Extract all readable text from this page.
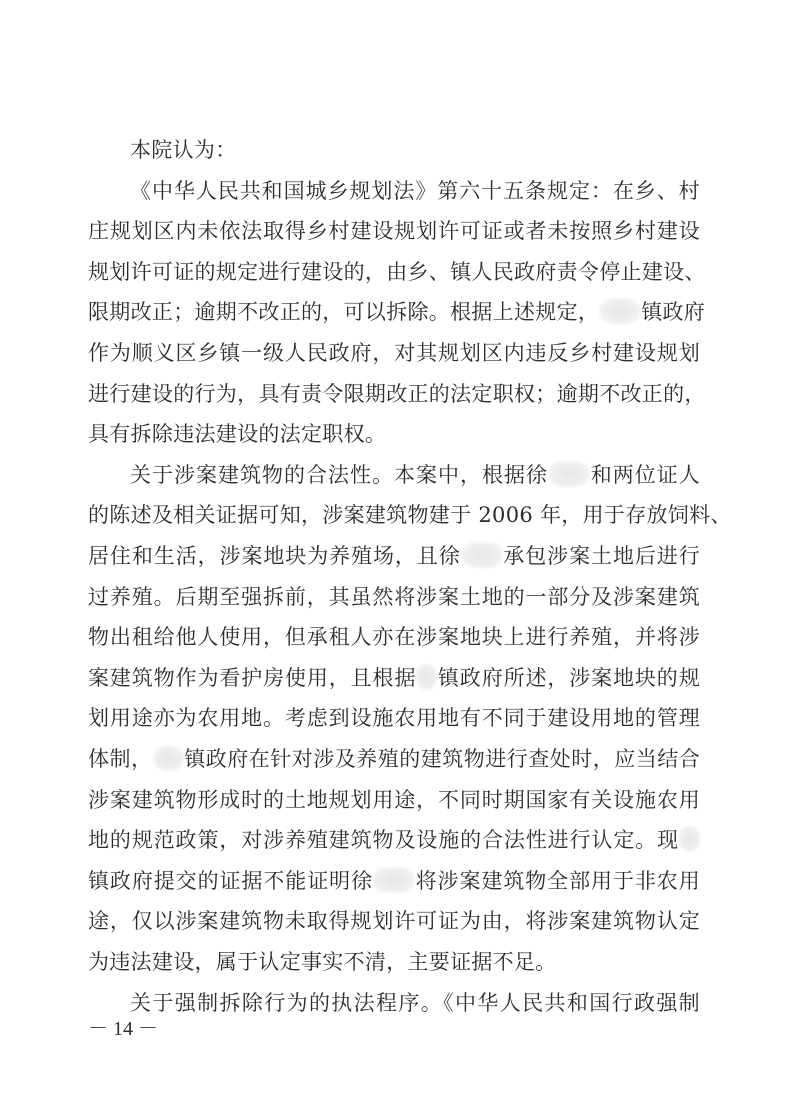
－ 14 －
本院认为：
《中华人民共和国城乡规划法》第六十五条规定：在乡、村
庄规划区内未依法取得乡村建设规划许可证或者未按照乡村建设
规划许可证的规定进行建设的，由乡、镇人民政府责令停止建设、
限期改正；逾期不改正的，可以拆除。根据上述规定， 镇政府
作为顺义区乡镇一级人民政府，对其规划区内违反乡村建设规划
进行建设的行为，具有责令限期改正的法定职权；逾期不改正的，
具有拆除违法建设的法定职权。
关于涉案建筑物的合法性。本案中，根据徐 和两位证人
的陈述及相关证据可知，涉案建筑物建于 2006 年，用于存放饲料、
居住和生活，涉案地块为养殖场，且徐 承包涉案土地后进行
过养殖。后期至强拆前，其虽然将涉案土地的一部分及涉案建筑
物出租给他人使用，但承租人亦在涉案地块上进行养殖，并将涉
案建筑物作为看护房使用，且根据 镇政府所述，涉案地块的规
划用途亦为农用地。考虑到设施农用地有不同于建设用地的管理
体制， 镇政府在针对涉及养殖的建筑物进行查处时，应当结合
涉案建筑物形成时的土地规划用途，不同时期国家有关设施农用
地的规范政策，对涉养殖建筑物及设施的合法性进行认定。现
镇政府提交的证据不能证明徐 将涉案建筑物全部用于非农用
途，仅以涉案建筑物未取得规划许可证为由，将涉案建筑物认定
为违法建设，属于认定事实不清，主要证据不足。
关于强制拆除行为的执法程序。《中华人民共和国行政强制
